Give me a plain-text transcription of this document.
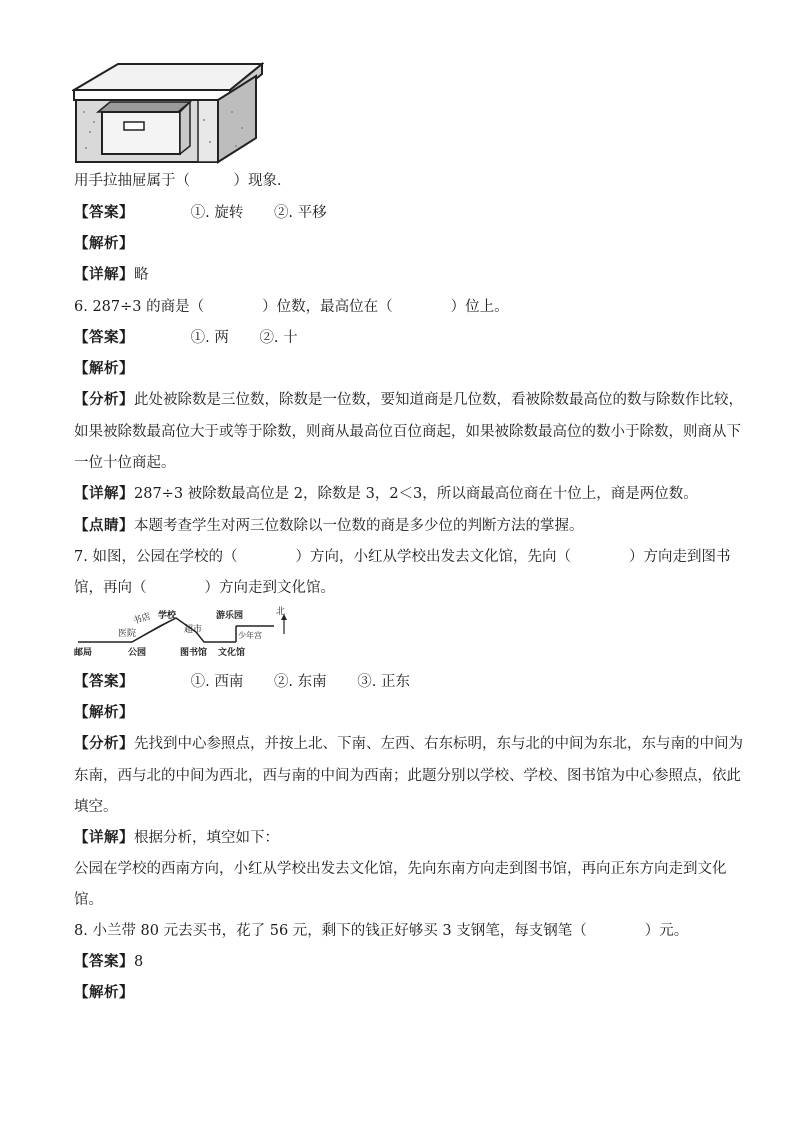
用手拉抽屉属于（　　　）现象．
【答案】	①. 旋转 ②. 平移
【解析】
【详解】略
6. 287÷3 的商是（　　　　）位数，最高位在（　　　　）位上。
【答案】	①. 两 ②. 十
【解析】
【分析】此处被除数是三位数，除数是一位数，要知道商是几位数，看被除数最高位的数与除数作比较，
如果被除数最高位大于或等于除数，则商从最高位百位商起，如果被除数最高位的数小于除数，则商从下
一位十位商起。
【详解】287÷3 被除数最高位是 2，除数是 3，2＜3，所以商最高位商在十位上，商是两位数。
【点睛】本题考查学生对两三位数除以一位数的商是多少位的判断方法的掌握。
7. 如图，公园在学校的（　　　　）方向，小红从学校出发去文化馆，先向（　　　　）方向走到图书
馆，再向（　　　　）方向走到文化馆。
北
邮局
医院
书店 学校
超市
公园	图书馆 文化馆
游乐园
少年宫
【答案】	①. 西南 ②. 东南 ③. 正东
【解析】
【分析】先找到中心参照点，并按上北、下南、左西、右东标明，东与北的中间为东北，东与南的中间为
东南，西与北的中间为西北，西与南的中间为西南；此题分别以学校、学校、图书馆为中心参照点，依此
填空。
【详解】根据分析，填空如下：
公园在学校的西南方向，小红从学校出发去文化馆，先向东南方向走到图书馆，再向正东方向走到文化
馆。
8. 小兰带 80 元去买书，花了 56 元，剩下的钱正好够买 3 支钢笔，每支钢笔（　　　　）元。
【答案】8
【解析】
